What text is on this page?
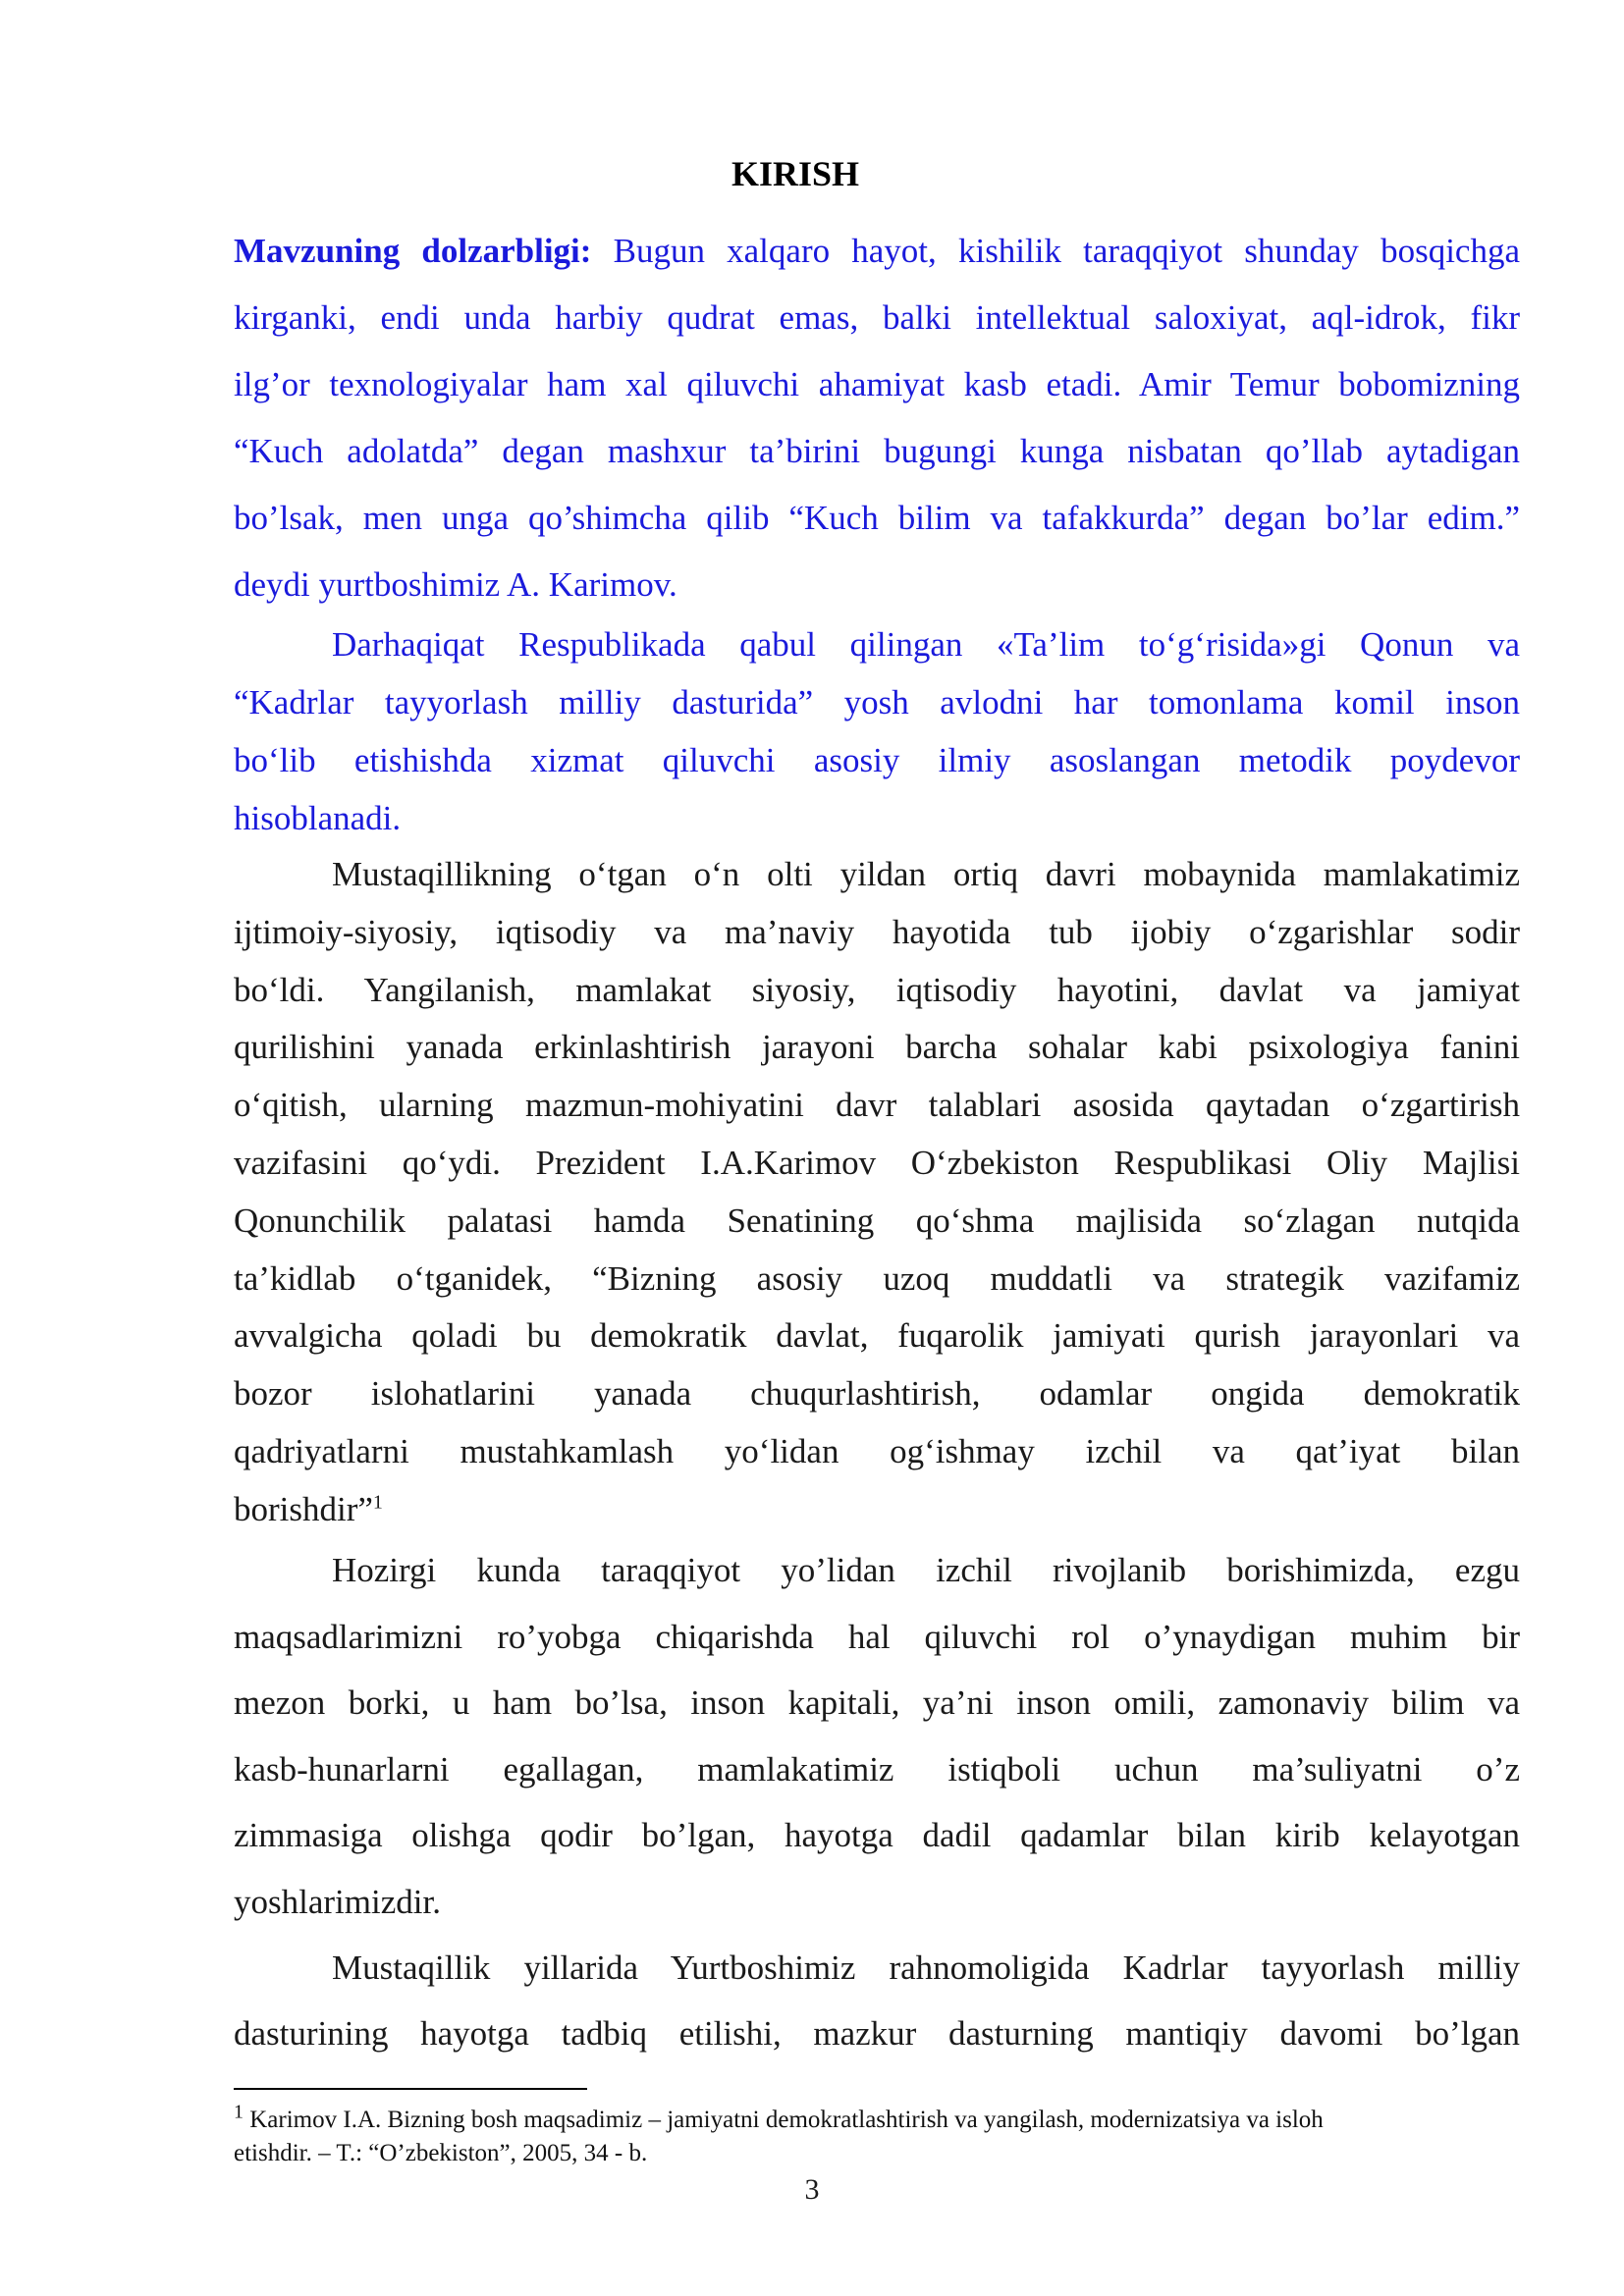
KIRISH
Mavzuning dolzarbligi: Bugun xalqaro hayot, kishilik taraqqiyot shunday bosqichga
kirganki, endi unda harbiy qudrat emas, balki intellektual saloxiyat, aql-idrok, fikr
ilg’or texnologiyalar ham xal qiluvchi ahamiyat kasb etadi. Amir Temur bobomizning
“Kuch adolatda” degan mashxur ta’birini bugungi kunga nisbatan qo’llab aytadigan
bo’lsak, men unga qo’shimcha qilib “Kuch bilim va tafakkurda” degan bo’lar edim.”
deydi yurtboshimiz A. Karimov.
Darhaqiqat Respublikada qabul qilingan «Ta’lim to‘g‘risida»gi Qonun va
“Kadrlar tayyorlash milliy dasturida” yosh avlodni har tomonlama komil inson
bo‘lib etishishda xizmat qiluvchi asosiy ilmiy asoslangan metodik poydevor
hisoblanadi.
Mustaqillikning o‘tgan o‘n olti yildan ortiq davri mobaynida mamlakatimiz
ijtimoiy-siyosiy, iqtisodiy va ma’naviy hayotida tub ijobiy o‘zgarishlar sodir
bo‘ldi. Yangilanish, mamlakat siyosiy, iqtisodiy hayotini, davlat va jamiyat
qurilishini yanada erkinlashtirish jarayoni barcha sohalar kabi psixologiya fanini
o‘qitish, ularning mazmun-mohiyatini davr talablari asosida qaytadan o‘zgartirish
vazifasini qo‘ydi. Prezident I.A.Karimov O‘zbekiston Respublikasi Oliy Majlisi
Qonunchilik palatasi hamda Senatining qo‘shma majlisida so‘zlagan nutqida
ta’kidlab o‘tganidek, “Bizning asosiy uzoq muddatli va strategik vazifamiz
avvalgicha qoladi bu demokratik davlat, fuqarolik jamiyati qurish jarayonlari va
bozor islohatlarini yanada chuqurlashtirish, odamlar ongida demokratik
qadriyatlarni mustahkamlash yo‘lidan og‘ishmay izchil va qat’iyat bilan
borishdir”$^1$
Hozirgi kunda taraqqiyot yo’lidan izchil rivojlanib borishimizda, ezgu
maqsadlarimizni ro’yobga chiqarishda hal qiluvchi rol o’ynaydigan muhim bir
mezon borki, u ham bo’lsa, inson kapitali, ya’ni inson omili, zamonaviy bilim va
kasb-hunarlarni egallagan, mamlakatimiz istiqboli uchun ma’suliyatni o’z
zimmasiga olishga qodir bo’lgan, hayotga dadil qadamlar bilan kirib kelayotgan
yoshlarimizdir.
Mustaqillik yillarida Yurtboshimiz rahnomoligida Kadrlar tayyorlash milliy
dasturining hayotga tadbiq etilishi, mazkur dasturning mantiqiy davomi bo’lgan
$^1$ Karimov I.A. Bizning bosh maqsadimiz – jamiyatni demokratlashtirish va yangilash, modernizatsiya va isloh
etishdir. – T.: “O’zbekiston”, 2005, 34 - b.
3
